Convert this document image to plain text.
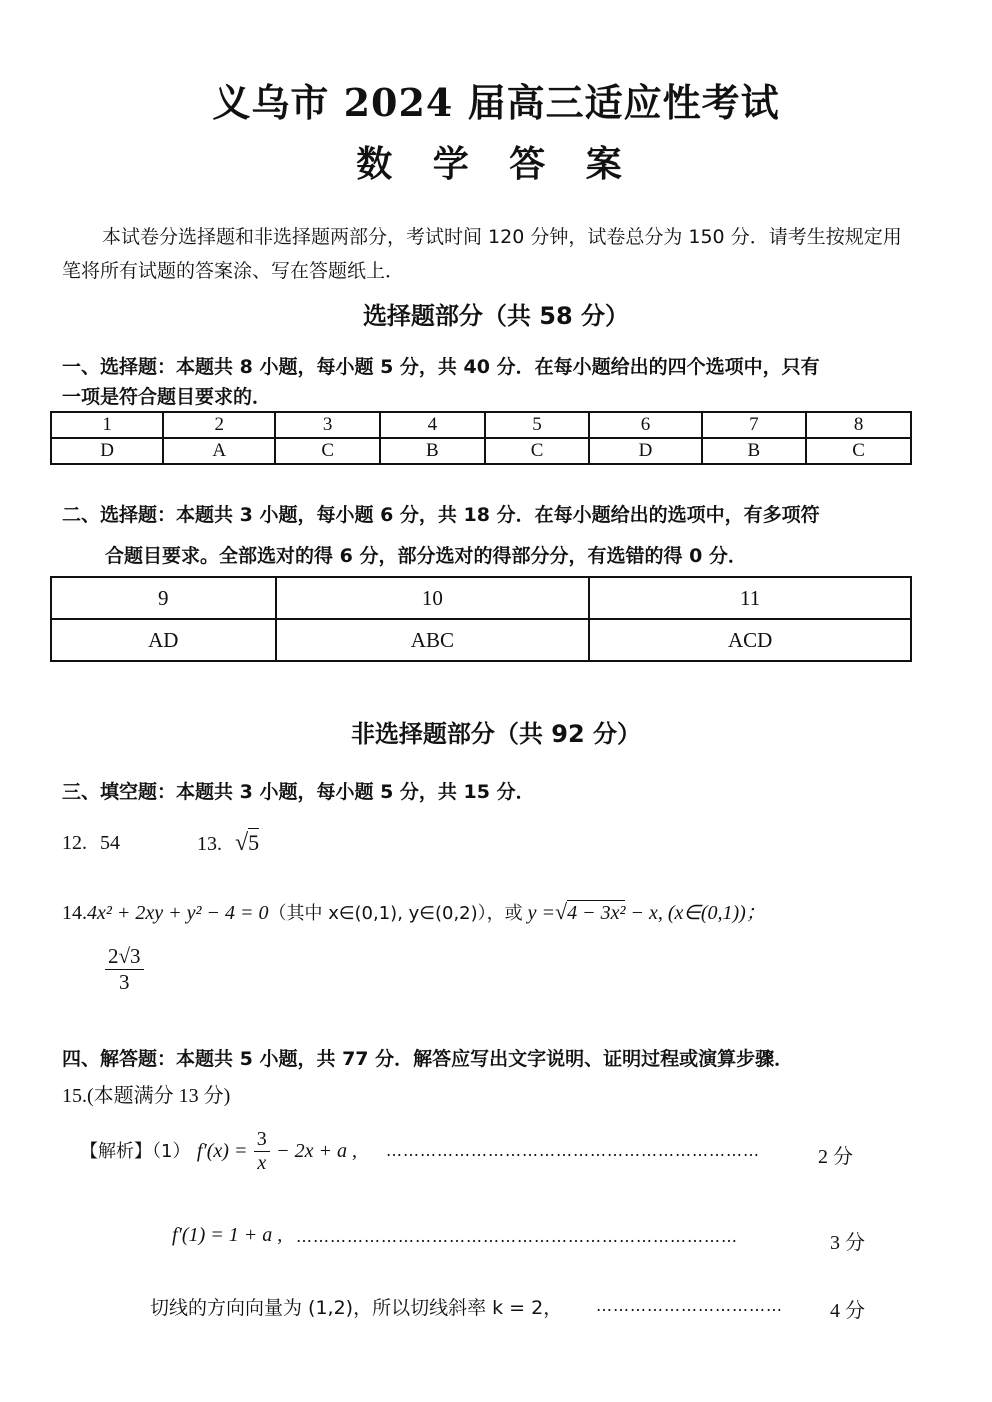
义乌市 2024 届高三适应性考试
数 学 答 案
本试卷分选择题和非选择题两部分，考试时间 120 分钟，试卷总分为 150 分．请考生按规定用笔将所有试题的答案涂、写在答题纸上．
选择题部分（共 58 分）
一、选择题：本题共 8 小题，每小题 5 分，共 40 分．在每小题给出的四个选项中，只有
一项是符合题目要求的．
1	2	3	4	5	6	7	8
D	A	C	B	C	D	B	C
二、选择题：本题共 3 小题，每小题 6 分，共 18 分．在每小题给出的选项中，有多项符
合题目要求。全部选对的得 6 分，部分选对的得部分分，有选错的得 0 分．
9	10	11
AD	ABC	ACD
非选择题部分（共 92 分）
三、填空题：本题共 3 小题，每小题 5 分，共 15 分．
12. 54	13. √5
14.4x² + 2xy + y² − 4 = 0（其中 x∈(0,1), y∈(0,2)），或 y =√4 − 3x² − x, (x∈(0,1))；
$\frac{2√3}{3}$
四、解答题：本题共 5 小题，共 77 分．解答应写出文字说明、证明过程或演算步骤．
15.(本题满分 13 分)
【解析】（1） $f'(x) = \frac{3}{x} - 2x + a$ , …………………………………………………………	2 分
f′(1) = 1 + a , ……………………………………………………………………	3 分
切线的方向向量为 (1,2)，所以切线斜率 k = 2， …………………………… 4 分
